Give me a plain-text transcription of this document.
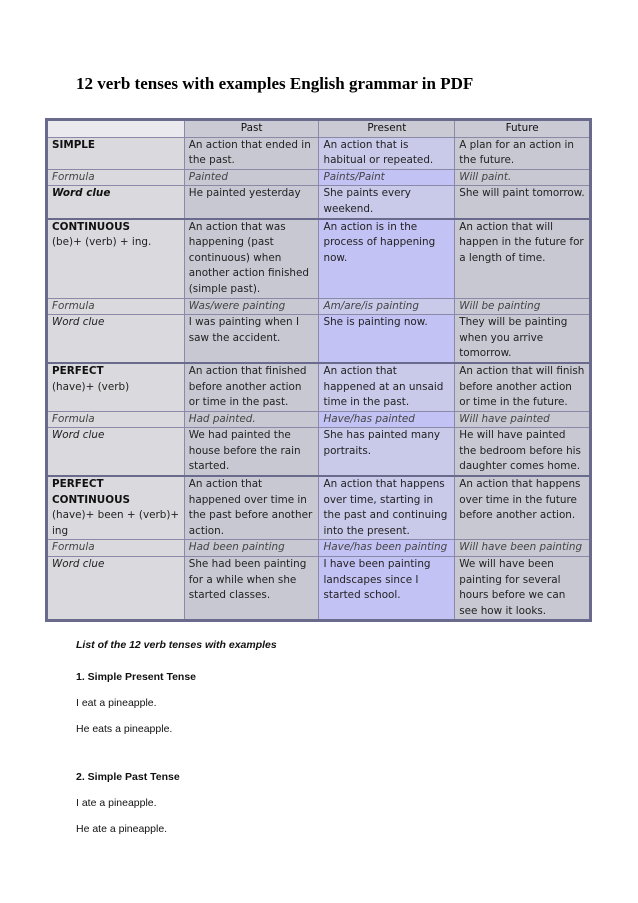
12 verb tenses with examples English grammar in PDF
	Past	Present	Future
SIMPLE	An action that ended in the past.	An action that is habitual or repeated.	A plan for an action in the future.
Formula	Painted	Paints/Paint	Will paint.
Word clue	He painted yesterday	She paints every weekend.	She will paint tomorrow.
CONTINUOUS
(be)+ (verb) + ing.	An action that was happening (past continuous) when another action finished (simple past).	An action is in the process of happening now.	An action that will happen in the future for a length of time.
Formula	Was/were painting	Am/are/is painting	Will be painting
Word clue	I was painting when I saw the accident.	She is painting now.	They will be painting when you arrive tomorrow.
PERFECT
(have)+ (verb)	An action that finished before another action or time in the past.	An action that happened at an unsaid time in the past.	An action that will finish before another action or time in the future.
Formula	Had painted.	Have/has painted	Will have painted
Word clue	We had painted the house before the rain started.	She has painted many portraits.	He will have painted the bedroom before his daughter comes home.
PERFECT CONTINUOUS
(have)+ been + (verb)+ ing	An action that happened over time in the past before another action.	An action that happens over time, starting in the past and continuing into the present.	An action that happens over time in the future before another action.
Formula	Had been painting	Have/has been painting	Will have been painting
Word clue	She had been painting for a while when she started classes.	I have been painting landscapes since I started school.	We will have been painting for several hours before we can see how it looks.

List of the 12 verb tenses with examples

1. Simple Present Tense

I eat a pineapple.

He eats a pineapple.

2. Simple Past Tense

I ate a pineapple.

He ate a pineapple.
